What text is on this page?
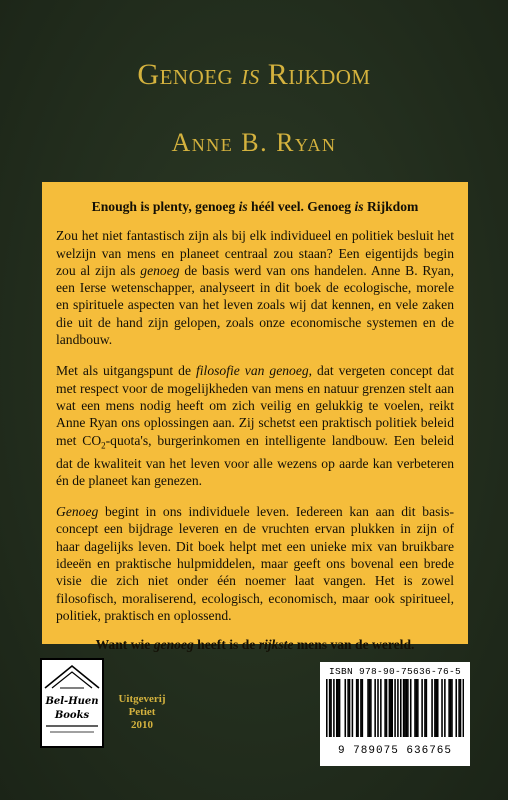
Genoeg is Rijkdom
Anne B. Ryan

Enough is plenty, genoeg is héél veel. Genoeg is Rijkdom

Zou het niet fantastisch zijn als bij elk individueel en politiek besluit het welzijn van mens en planeet centraal zou staan? Een eigentijds begin zou al zijn als genoeg de basis werd van ons handelen. Anne B. Ryan, een Ierse wetenschapper, analyseert in dit boek de ecologische, morele en spirituele aspecten van het leven zoals wij dat kennen, en vele zaken die uit de hand zijn gelopen, zoals onze economische systemen en de landbouw.

Met als uitgangspunt de filosofie van genoeg, dat vergeten concept dat met respect voor de mogelijkheden van mens en natuur grenzen stelt aan wat een mens nodig heeft om zich veilig en gelukkig te voelen, reikt Anne Ryan ons oplossingen aan. Zij schetst een praktisch politiek beleid met $CO_2-quota's$, burgerinkomen en intelligente landbouw. Een beleid dat de kwaliteit van het leven voor alle wezens op aarde kan verbeteren én de planeet kan genezen.

Genoeg begint in ons individuele leven. Iedereen kan aan dit basis-concept een bijdrage leveren en de vruchten ervan plukken in zijn of haar dagelijks leven. Dit boek helpt met een unieke mix van bruikbare ideeën en praktische hulpmiddelen, maar geeft ons bovenal een brede visie die zich niet onder één noemer laat vangen. Het is zowel filosofisch, moraliserend, ecologisch, economisch, maar ook spiritueel, politiek, praktisch en oplossend.

Want wie genoeg heeft is de rijkste mens van de wereld.

Bel-Huen
Books
Uitgeverij
Petiet
2010
ISBN 978-90-75636-76-5
9 789075 636765
